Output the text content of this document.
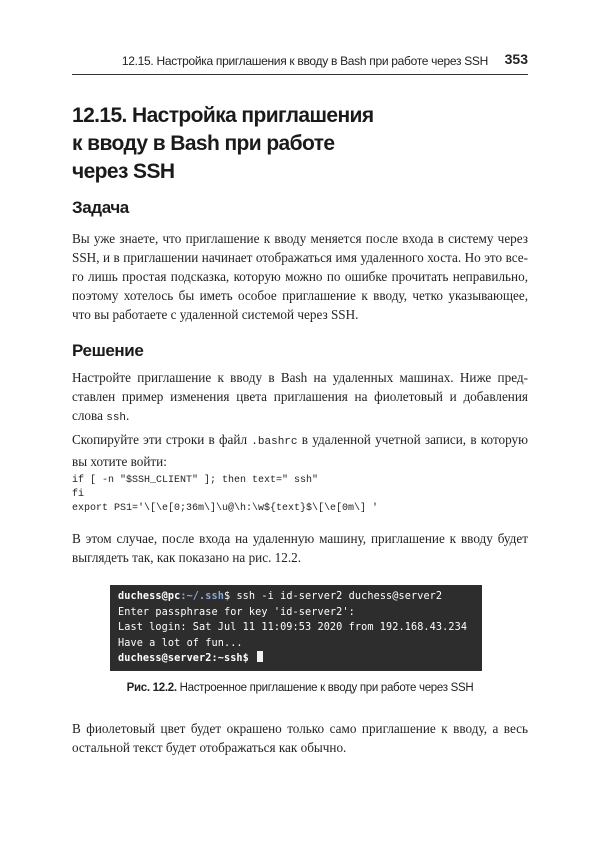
12.15. Настройка приглашения к вводу в Bash при работе через SSH 353
12.15. Настройка приглашения
к вводу в Bash при работе
через SSH
Задача

Вы уже знаете, что приглашение к вводу меняется после входа в систему через SSH, и в приглашении начинает отображаться имя удаленного хоста. Но это все-го лишь простая подсказка, которую можно по ошибке прочитать неправильно, поэтому хотелось бы иметь особое приглашение к вводу, четко указывающее, что вы работаете с удаленной системой через SSH.

Решение

Настройте приглашение к вводу в Bash на удаленных машинах. Ниже пред-ставлен пример изменения цвета приглашения на фиолетовый и добавления слова ssh.

Скопируйте эти строки в файл .bashrc в удаленной учетной записи, в которую вы хотите войти:

if [ -n "$SSH_CLIENT" ]; then text=" ssh"
fi
export PS1='\[\e[0;36m\]\u@\h:\w${text}$\[\e[0m\] '

В этом случае, после входа на удаленную машину, приглашение к вводу будет выглядеть так, как показано на рис. 12.2.

duchess@pc:~/.ssh$ ssh -i id-server2 duchess@server2
Enter passphrase for key 'id-server2':
Last login: Sat Jul 11 11:09:53 2020 from 192.168.43.234
Have a lot of fun...
duchess@server2:~ssh$
Рис. 12.2. Настроенное приглашение к вводу при работе через SSH

В фиолетовый цвет будет окрашено только само приглашение к вводу, а весь остальной текст будет отображаться как обычно.
